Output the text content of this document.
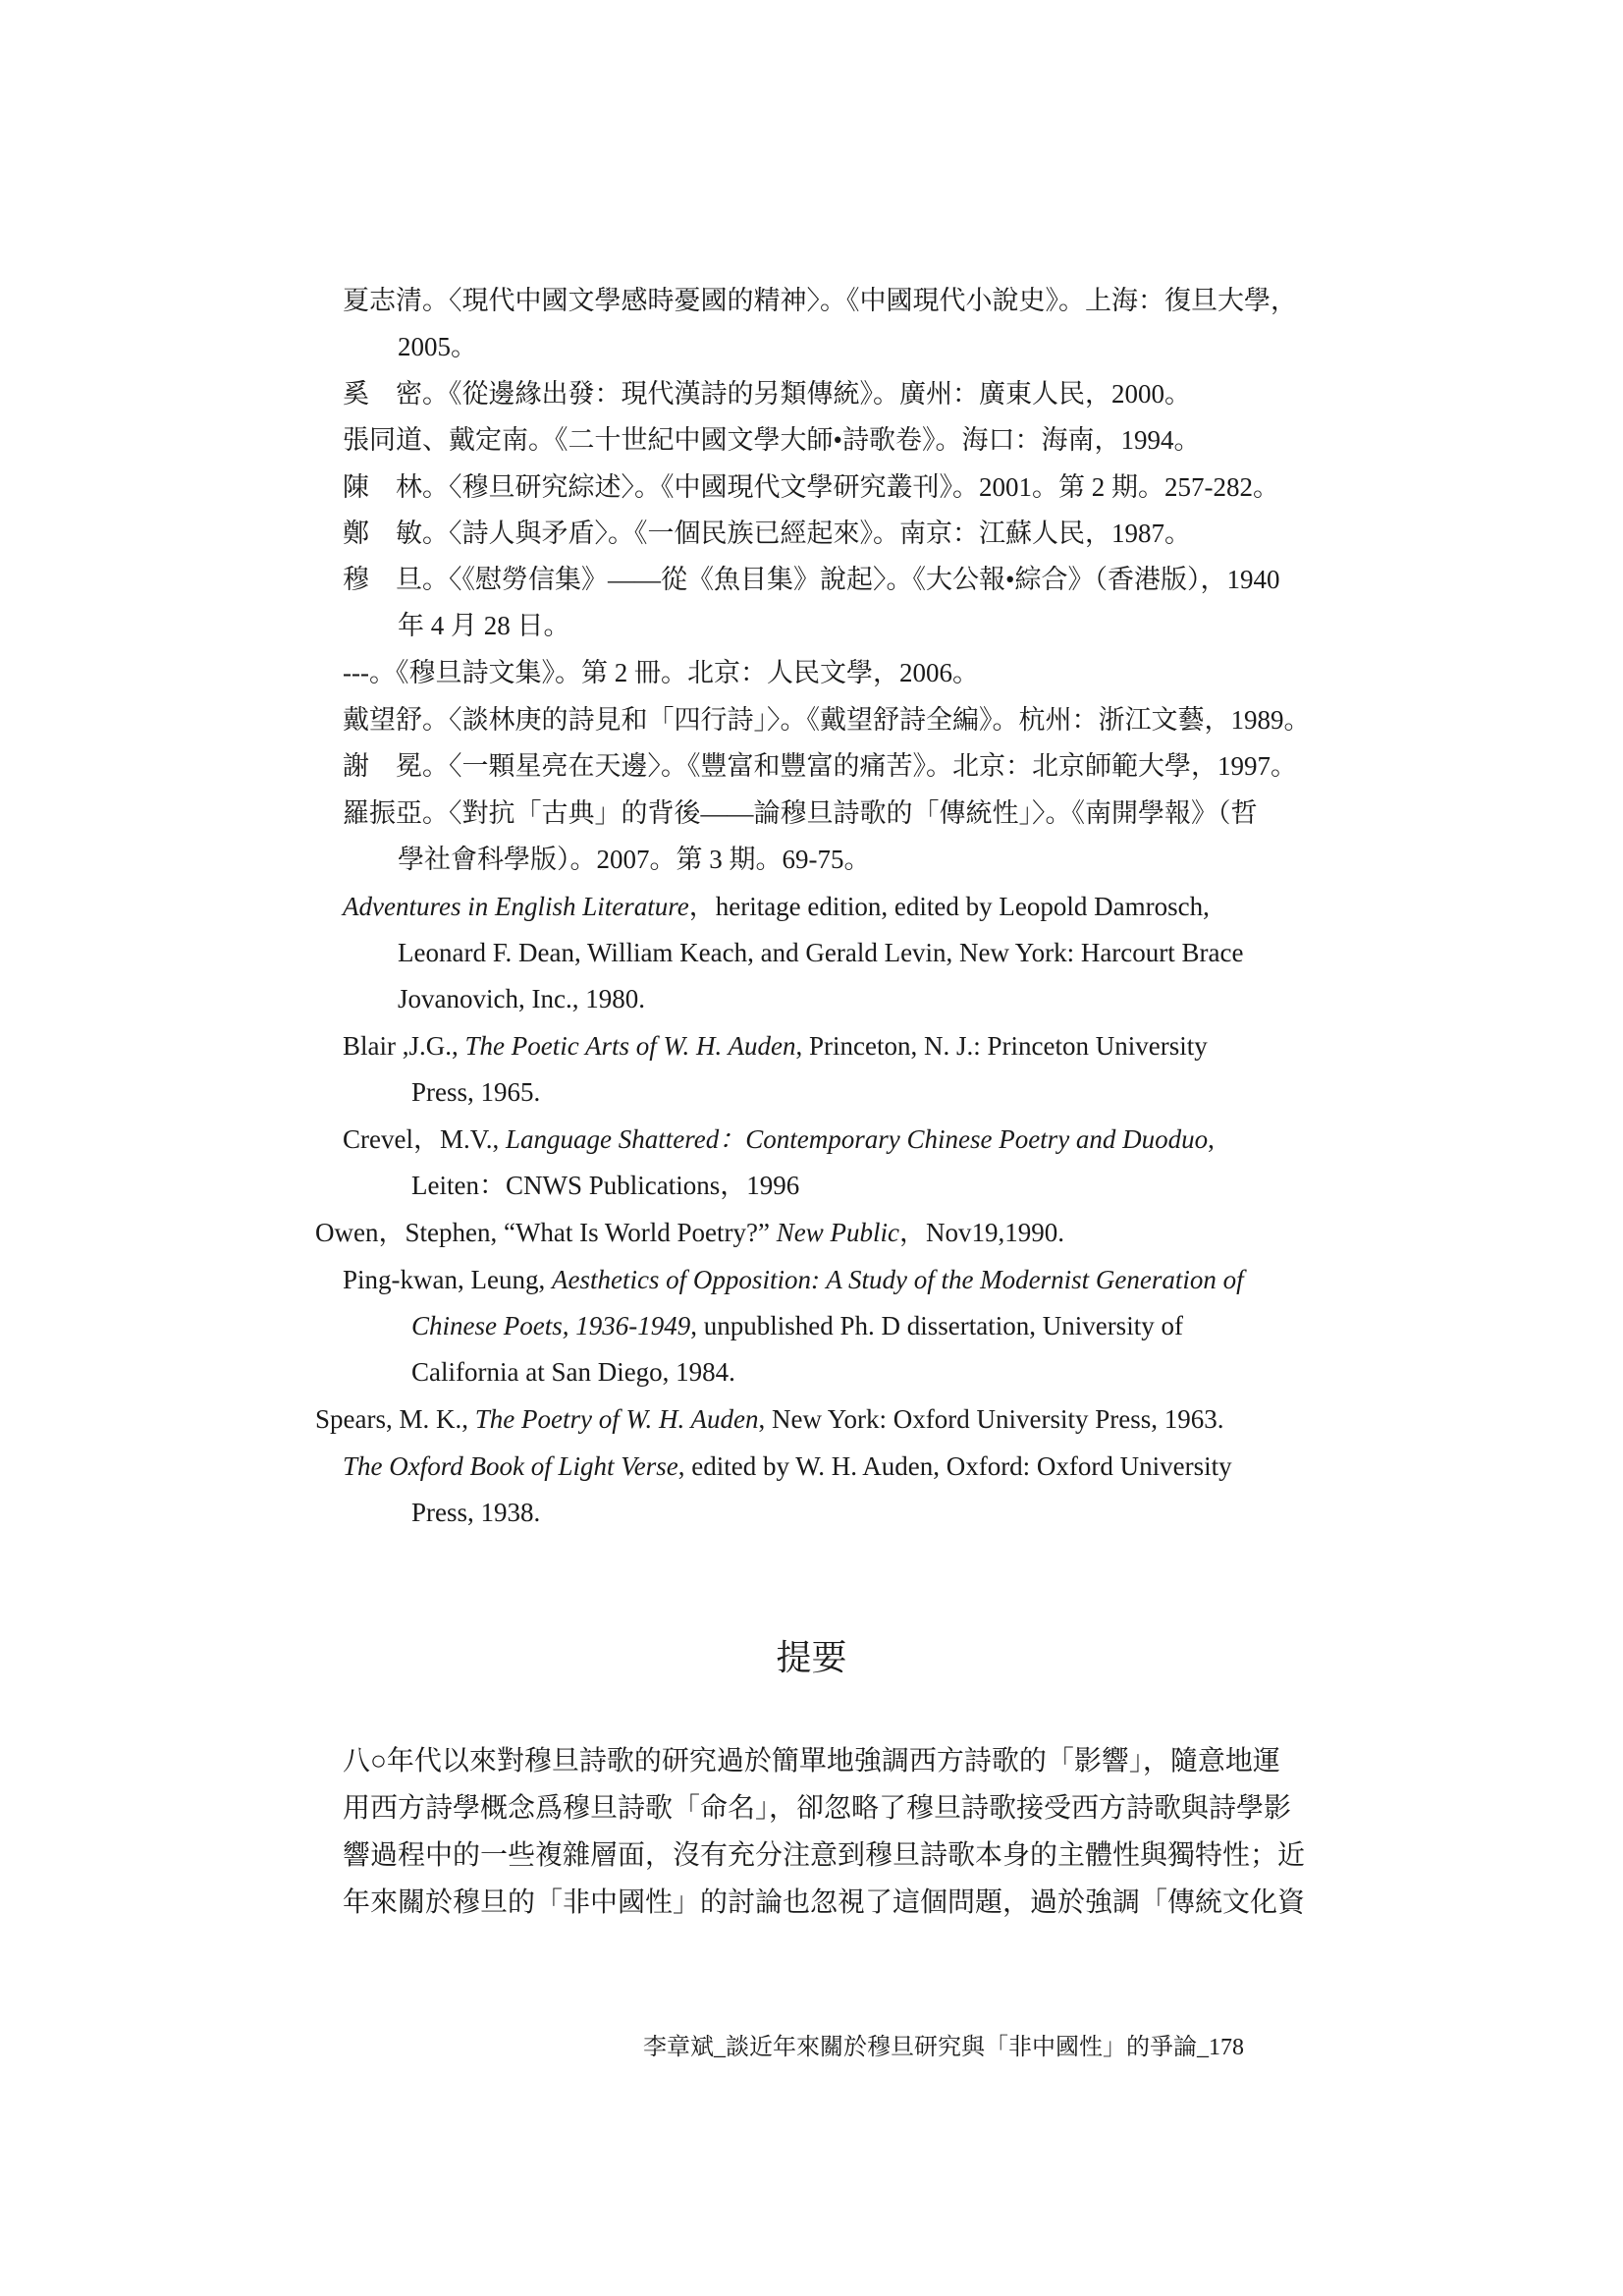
夏志清。〈現代中國文學感時憂國的精神〉。《中國現代小說史》。上海：復旦大學，
2005。

奚　密。《從邊緣出發：現代漢詩的另類傳統》。廣州：廣東人民，2000。

張同道、戴定南。《二十世紀中國文學大師•詩歌卷》。海口：海南，1994。

陳　林。〈穆旦研究綜述〉。《中國現代文學研究叢刊》。2001。第 2 期。257-282。

鄭　敏。〈詩人與矛盾〉。《一個民族已經起來》。南京：江蘇人民，1987。

穆　旦。〈《慰勞信集》——從《魚目集》說起〉。《大公報•綜合》（香港版），1940
年 4 月 28 日。

---。《穆旦詩文集》。第 2 冊。北京：人民文學，2006。

戴望舒。〈談林庚的詩見和「四行詩」〉。《戴望舒詩全編》。杭州：浙江文藝，1989。

謝　冕。〈一顆星亮在天邊〉。《豐富和豐富的痛苦》。北京：北京師範大學，1997。

羅振亞。〈對抗「古典」的背後——論穆旦詩歌的「傳統性」〉。《南開學報》（哲
學社會科學版）。2007。第 3 期。69-75。

Adventures in English Literature，heritage edition, edited by Leopold Damrosch,
Leonard F. Dean, William Keach, and Gerald Levin, New York: Harcourt Brace
Jovanovich, Inc., 1980.

Blair ,J.G., The Poetic Arts of W. H. Auden, Princeton, N. J.: Princeton University
Press, 1965.

Crevel，M.V., Language Shattered：Contemporary Chinese Poetry and Duoduo,
Leiten：CNWS Publications，1996

Owen，Stephen, “What Is World Poetry?” New Public，Nov19,1990.

Ping-kwan, Leung, Aesthetics of Opposition: A Study of the Modernist Generation of
Chinese Poets, 1936-1949, unpublished Ph. D dissertation, University of
California at San Diego, 1984.

Spears, M. K., The Poetry of W. H. Auden, New York: Oxford University Press, 1963.

The Oxford Book of Light Verse, edited by W. H. Auden, Oxford: Oxford University
Press, 1938.

提要

八○年代以來對穆旦詩歌的研究過於簡單地強調西方詩歌的「影響」，隨意地運
用西方詩學概念爲穆旦詩歌「命名」，卻忽略了穆旦詩歌接受西方詩歌與詩學影
響過程中的一些複雜層面，沒有充分注意到穆旦詩歌本身的主體性與獨特性；近
年來關於穆旦的「非中國性」的討論也忽視了這個問題，過於強調「傳統文化資

李章斌_談近年來關於穆旦研究與「非中國性」的爭論_178
